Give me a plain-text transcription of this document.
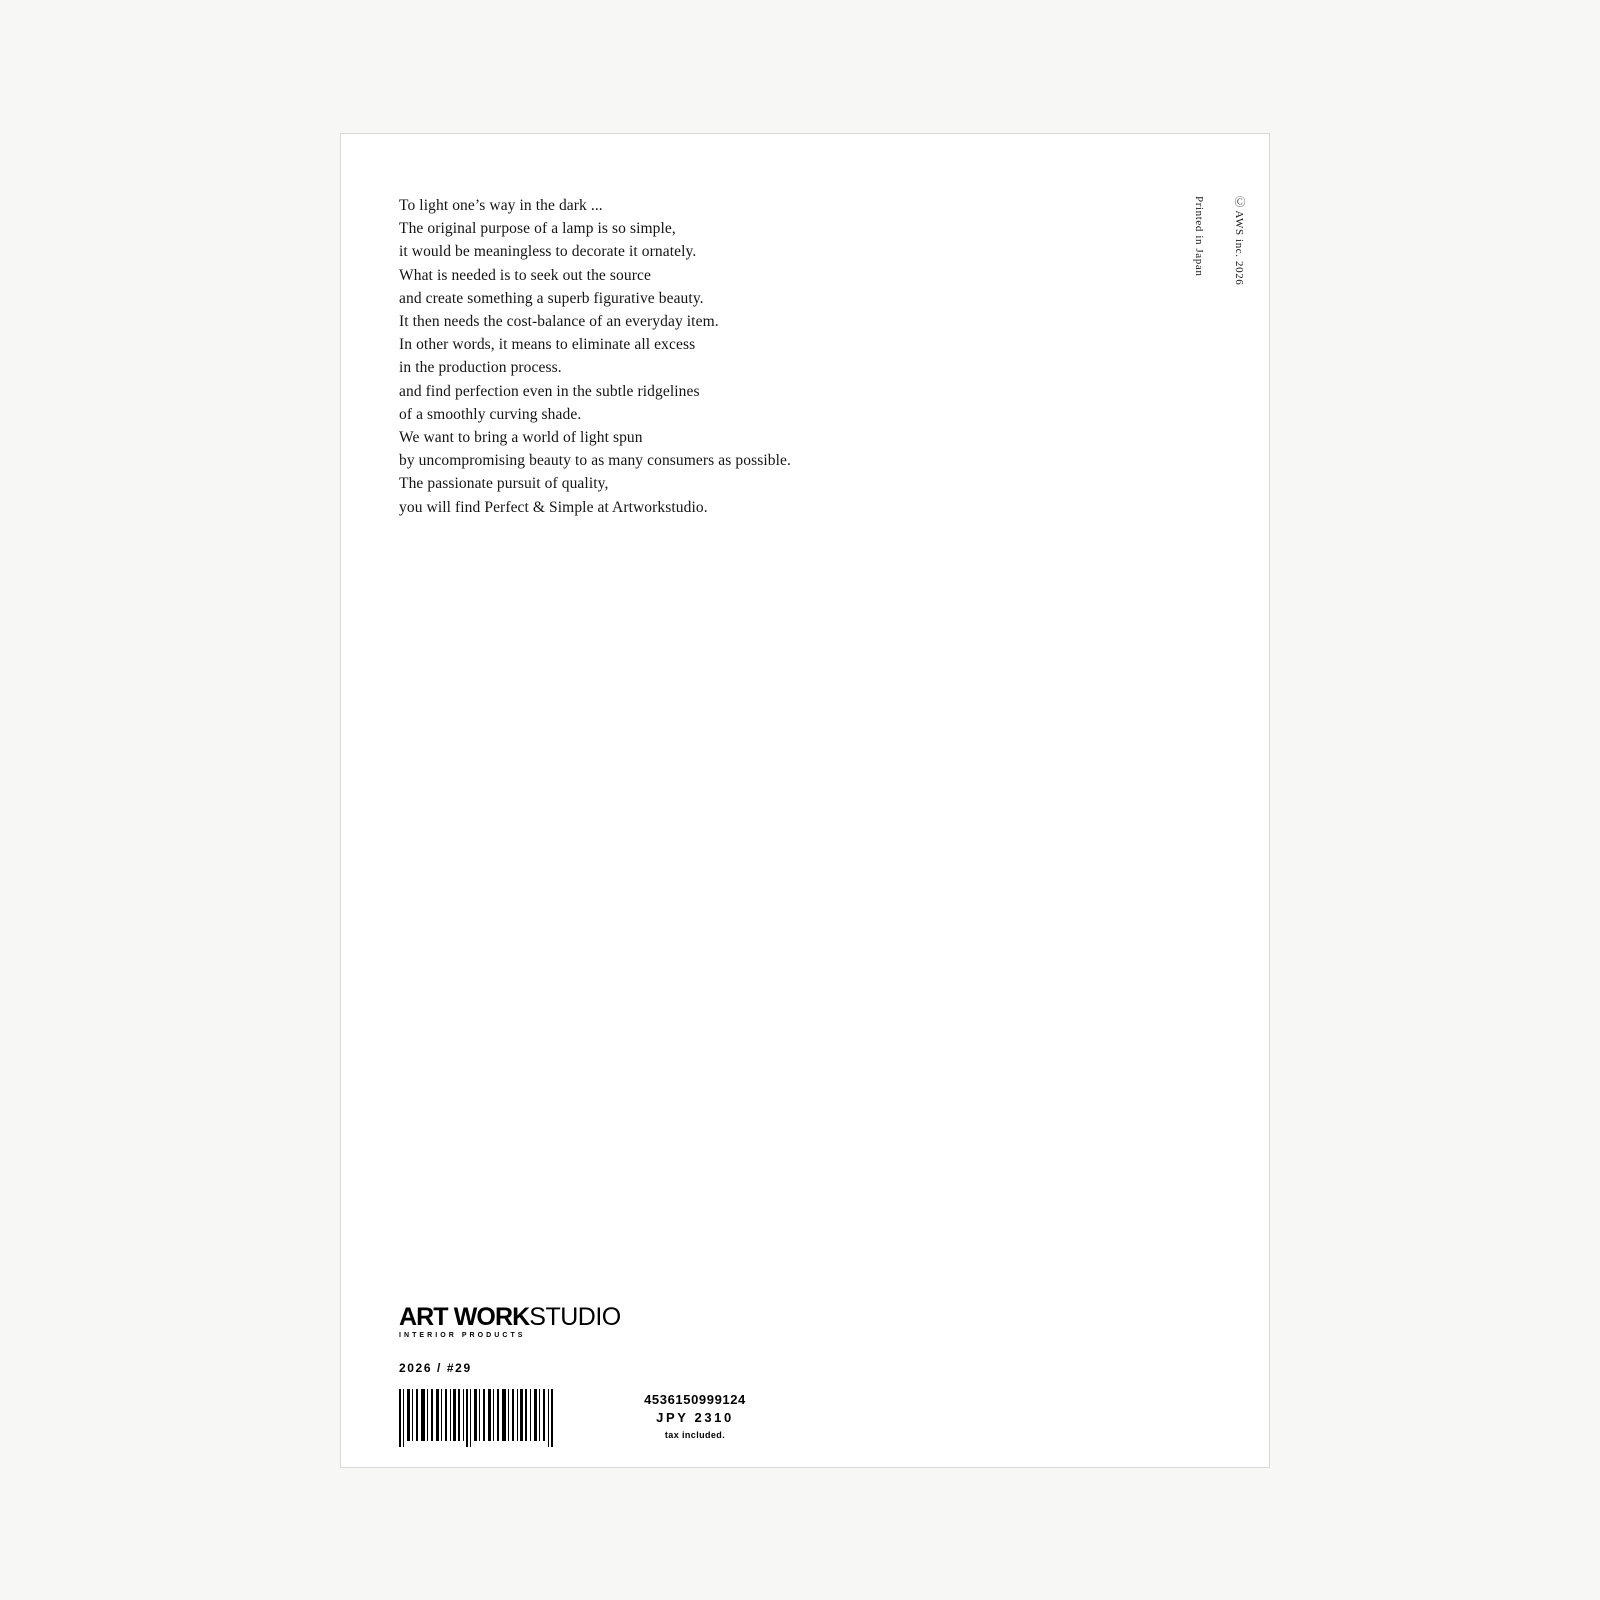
To light one’s way in the dark ...
The original purpose of a lamp is so simple,
it would be meaningless to decorate it ornately.
What is needed is to seek out the source
and create something a superb figurative beauty.
It then needs the cost-balance of an everyday item.
In other words, it means to eliminate all excess
in the production process.
and find perfection even in the subtle ridgelines
of a smoothly curving shade.
We want to bring a world of light spun
by uncompromising beauty to as many consumers as possible.
The passionate pursuit of quality,
you will find Perfect & Simple at Artworkstudio.
Ⓒ AWS inc. 2026
Printed in Japan
ART WORKSTUDIO
INTERIOR PRODUCTS
2026 / #29
4536150999124
JPY 2310
tax included.
